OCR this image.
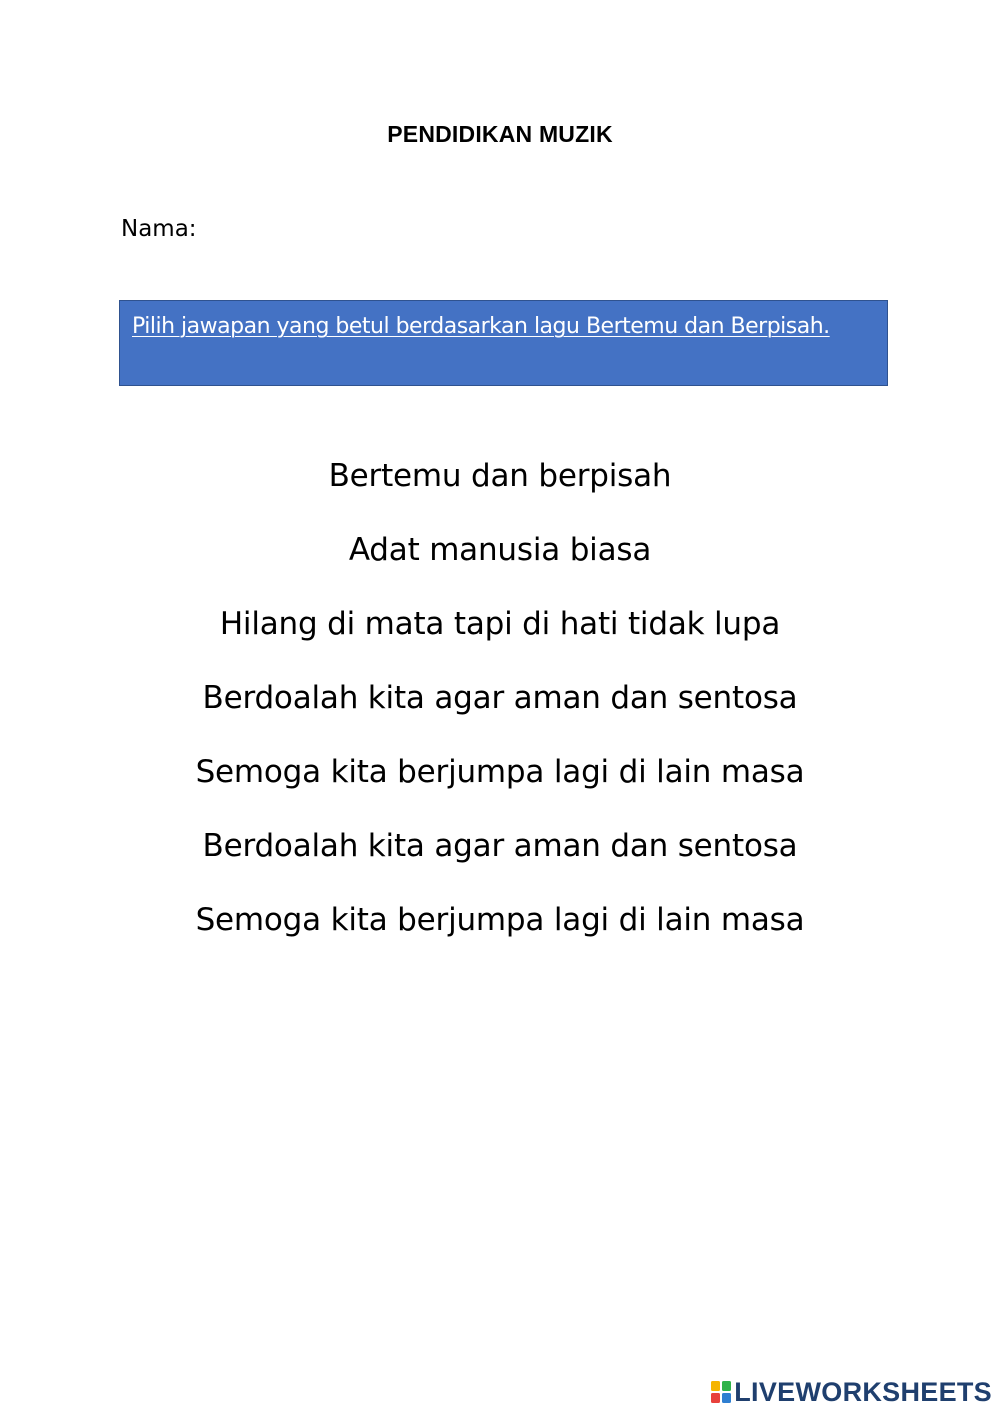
PENDIDIKAN MUZIK
Nama:
Pilih jawapan yang betul berdasarkan lagu Bertemu dan Berpisah.
Bertemu dan berpisah
Adat manusia biasa
Hilang di mata tapi di hati tidak lupa
Berdoalah kita agar aman dan sentosa
Semoga kita berjumpa lagi di lain masa
Berdoalah kita agar aman dan sentosa
Semoga kita berjumpa lagi di lain masa
LIVEWORKSHEETS
